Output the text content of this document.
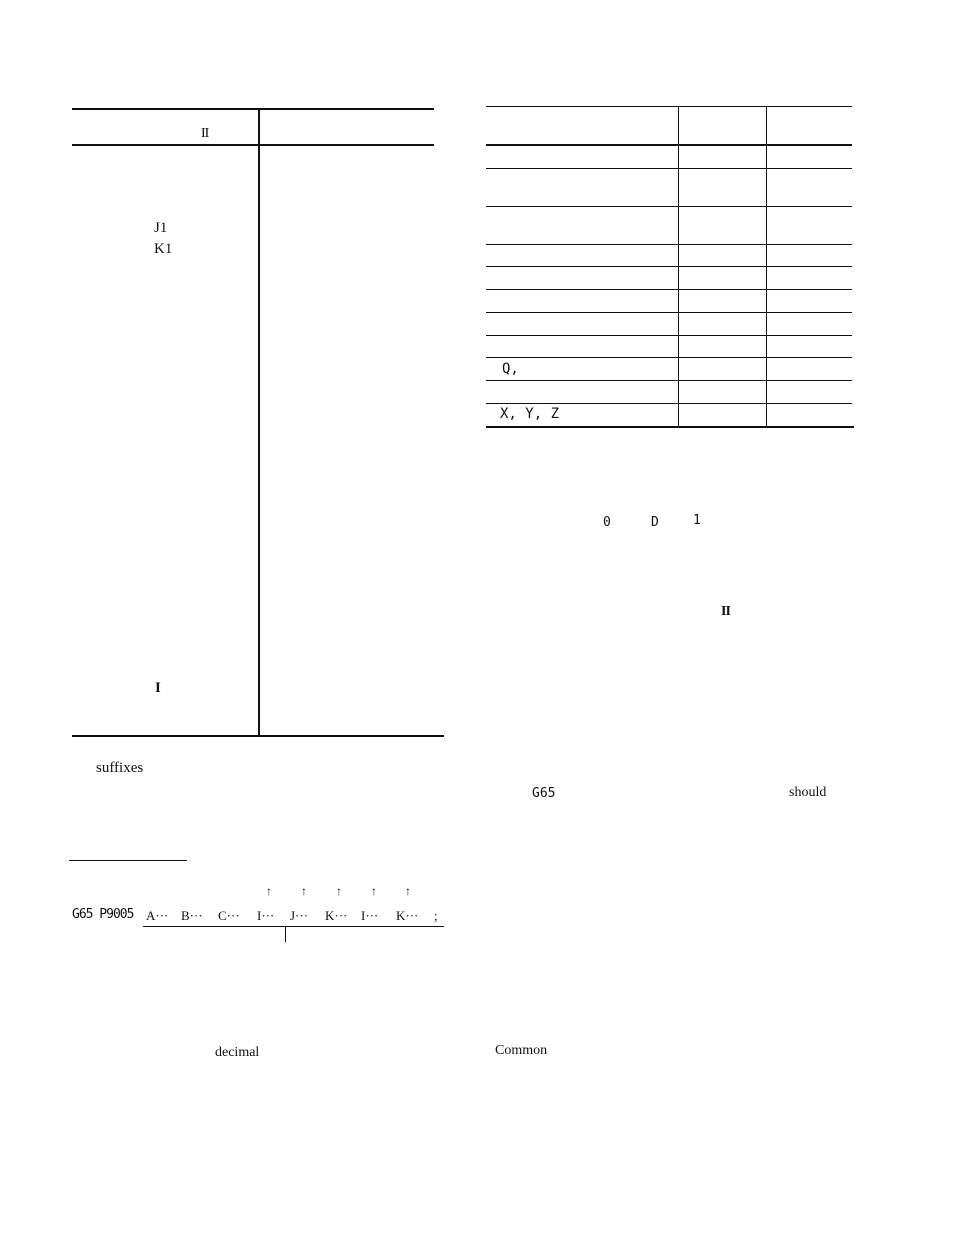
II
J1
K1
I
Q,
X, Y, Z
0	D	1
II
G65	should
Common
suffixes
decimal
↑ ↑ ↑ ↑ ↑
G65 P9005 A··· B··· C··· I··· J··· K··· I··· K··· ;
